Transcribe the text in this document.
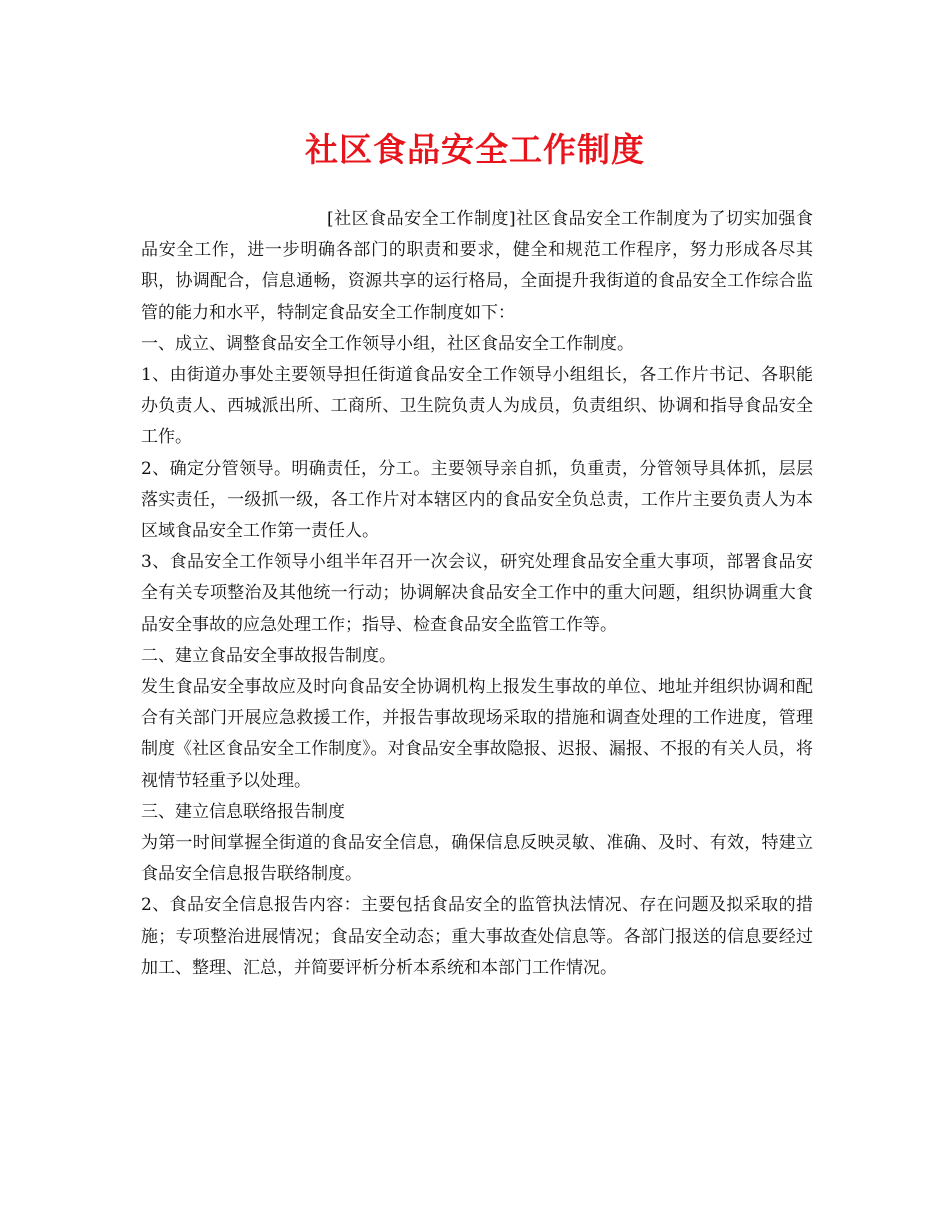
社区食品安全工作制度

[社区食品安全工作制度]社区食品安全工作制度为了切实加强食品安全工作，进一步明确各部门的职责和要求，健全和规范工作程序，努力形成各尽其职，协调配合，信息通畅，资源共享的运行格局，全面提升我街道的食品安全工作综合监管的能力和水平，特制定食品安全工作制度如下：

一、成立、调整食品安全工作领导小组，社区食品安全工作制度。

1、由街道办事处主要领导担任街道食品安全工作领导小组组长，各工作片书记、各职能办负责人、西城派出所、工商所、卫生院负责人为成员，负责组织、协调和指导食品安全工作。

2、确定分管领导。明确责任，分工。主要领导亲自抓，负重责，分管领导具体抓，层层落实责任，一级抓一级，各工作片对本辖区内的食品安全负总责，工作片主要负责人为本区域食品安全工作第一责任人。

3、食品安全工作领导小组半年召开一次会议，研究处理食品安全重大事项，部署食品安全有关专项整治及其他统一行动；协调解决食品安全工作中的重大问题，组织协调重大食品安全事故的应急处理工作；指导、检查食品安全监管工作等。

二、建立食品安全事故报告制度。

发生食品安全事故应及时向食品安全协调机构上报发生事故的单位、地址并组织协调和配合有关部门开展应急救援工作，并报告事故现场采取的措施和调查处理的工作进度，管理制度《社区食品安全工作制度》。对食品安全事故隐报、迟报、漏报、不报的有关人员，将视情节轻重予以处理。

三、建立信息联络报告制度

为第一时间掌握全街道的食品安全信息，确保信息反映灵敏、准确、及时、有效，特建立食品安全信息报告联络制度。

2、食品安全信息报告内容：主要包括食品安全的监管执法情况、存在问题及拟采取的措施；专项整治进展情况；食品安全动态；重大事故查处信息等。各部门报送的信息要经过加工、整理、汇总，并简要评析分析本系统和本部门工作情况。
